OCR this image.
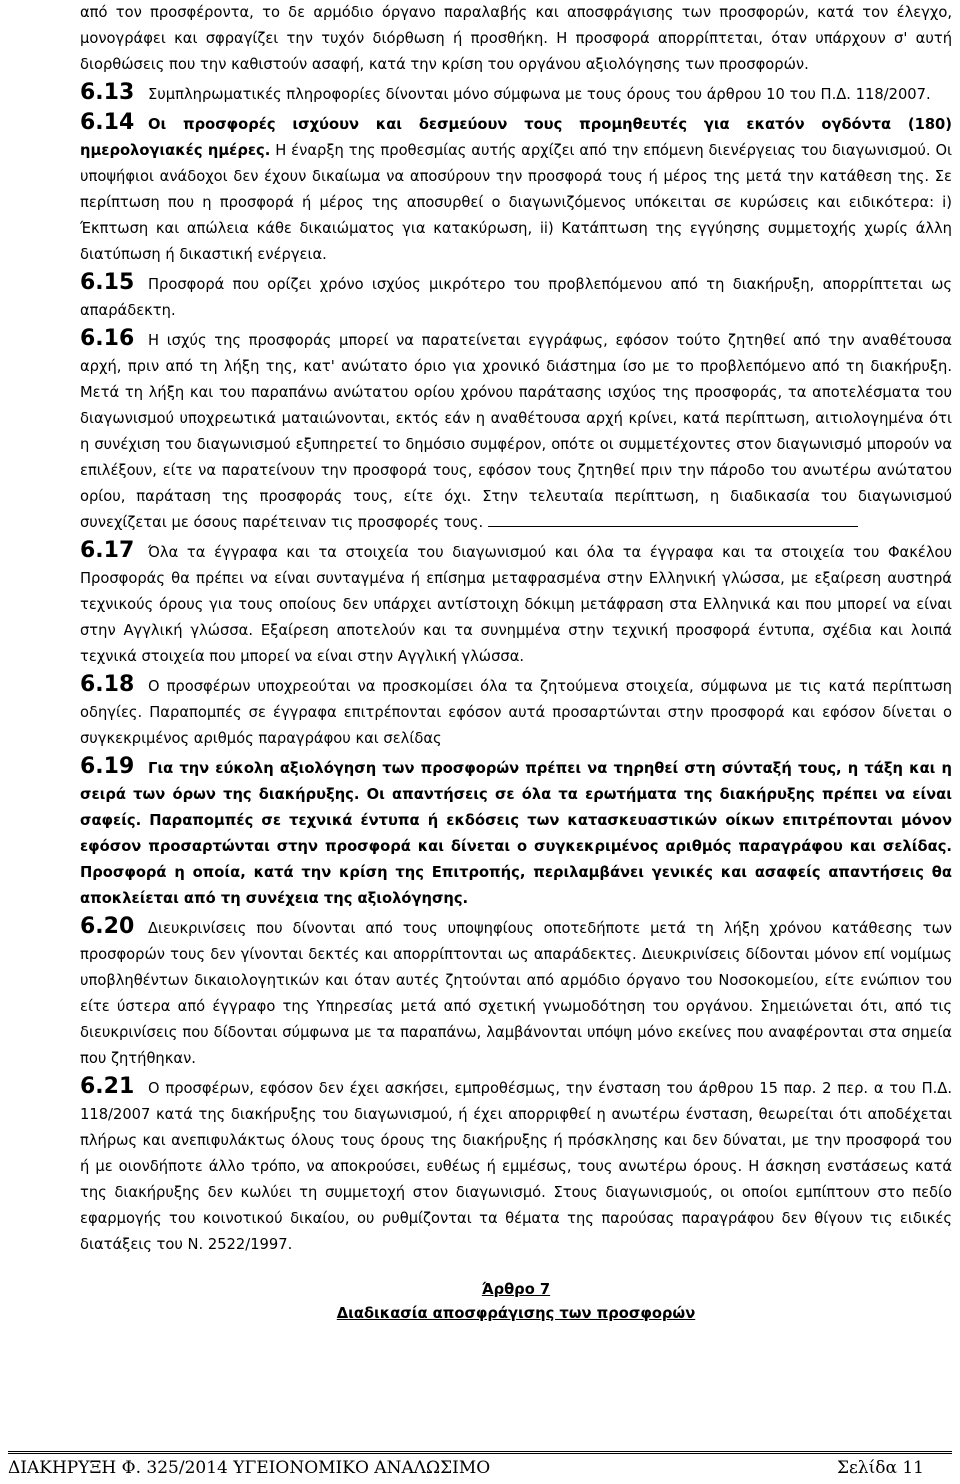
από τον προσφέροντα, το δε αρμόδιο όργανο παραλαβής και αποσφράγισης των προσφορών, κατά τον έλεγχο, μονογράφει και σφραγίζει την τυχόν διόρθωση ή προσθήκη. Η προσφορά απορρίπτεται, όταν υπάρχουν σ' αυτή διορθώσεις που την καθιστούν ασαφή, κατά την κρίση του οργάνου αξιολόγησης των προσφορών.

6.13 Συμπληρωματικές πληροφορίες δίνονται μόνο σύμφωνα με τους όρους του άρθρου 10 του Π.Δ. 118/2007.

6.14 Οι προσφορές ισχύουν και δεσμεύουν τους προμηθευτές για εκατόν ογδόντα (180) ημερολογιακές ημέρες. Η έναρξη της προθεσμίας αυτής αρχίζει από την επόμενη διενέργειας του διαγωνισμού. Οι υποψήφιοι ανάδοχοι δεν έχουν δικαίωμα να αποσύρουν την προσφορά τους ή μέρος της μετά την κατάθεση της. Σε περίπτωση που η προσφορά ή μέρος της αποσυρθεί ο διαγωνιζόμενος υπόκειται σε κυρώσεις και ειδικότερα: i) Έκπτωση και απώλεια κάθε δικαιώματος για κατακύρωση, ii) Κατάπτωση της εγγύησης συμμετοχής χωρίς άλλη διατύπωση ή δικαστική ενέργεια.

6.15 Προσφορά που ορίζει χρόνο ισχύος μικρότερο του προβλεπόμενου από τη διακήρυξη, απορρίπτεται ως απαράδεκτη.

6.16 Η ισχύς της προσφοράς μπορεί να παρατείνεται εγγράφως, εφόσον τούτο ζητηθεί από την αναθέτουσα αρχή, πριν από τη λήξη της, κατ' ανώτατο όριο για χρονικό διάστημα ίσο με το προβλεπόμενο από τη διακήρυξη. Μετά τη λήξη και του παραπάνω ανώτατου ορίου χρόνου παράτασης ισχύος της προσφοράς, τα αποτελέσματα του διαγωνισμού υποχρεωτικά ματαιώνονται, εκτός εάν η αναθέτουσα αρχή κρίνει, κατά περίπτωση, αιτιολογημένα ότι η συνέχιση του διαγωνισμού εξυπηρετεί το δημόσιο συμφέρον, οπότε οι συμμετέχοντες στον διαγωνισμό μπορούν να επιλέξουν, είτε να παρατείνουν την προσφορά τους, εφόσον τους ζητηθεί πριν την πάροδο του ανωτέρω ανώτατου ορίου, παράταση της προσφοράς τους, είτε όχι. Στην τελευταία περίπτωση, η διαδικασία του διαγωνισμού συνεχίζεται με όσους παρέτειναν τις προσφορές τους.

6.17 Όλα τα έγγραφα και τα στοιχεία του διαγωνισμού και όλα τα έγγραφα και τα στοιχεία του Φακέλου Προσφοράς θα πρέπει να είναι συνταγμένα ή επίσημα μεταφρασμένα στην Ελληνική γλώσσα, με εξαίρεση αυστηρά τεχνικούς όρους για τους οποίους δεν υπάρχει αντίστοιχη δόκιμη μετάφραση στα Ελληνικά και που μπορεί να είναι στην Αγγλική γλώσσα. Εξαίρεση αποτελούν και τα συνημμένα στην τεχνική προσφορά έντυπα, σχέδια και λοιπά τεχνικά στοιχεία που μπορεί να είναι στην Αγγλική γλώσσα.

6.18 Ο προσφέρων υποχρεούται να προσκομίσει όλα τα ζητούμενα στοιχεία, σύμφωνα με τις κατά περίπτωση οδηγίες. Παραπομπές σε έγγραφα επιτρέπονται εφόσον αυτά προσαρτώνται στην προσφορά και εφόσον δίνεται ο συγκεκριμένος αριθμός παραγράφου και σελίδας

6.19 Για την εύκολη αξιολόγηση των προσφορών πρέπει να τηρηθεί στη σύνταξή τους, η τάξη και η σειρά των όρων της διακήρυξης. Οι απαντήσεις σε όλα τα ερωτήματα της διακήρυξης πρέπει να είναι σαφείς. Παραπομπές σε τεχνικά έντυπα ή εκδόσεις των κατασκευαστικών οίκων επιτρέπονται μόνον εφόσον προσαρτώνται στην προσφορά και δίνεται ο συγκεκριμένος αριθμός παραγράφου και σελίδας. Προσφορά η οποία, κατά την κρίση της Επιτροπής, περιλαμβάνει γενικές και ασαφείς απαντήσεις θα αποκλείεται από τη συνέχεια της αξιολόγησης.

6.20 Διευκρινίσεις που δίνονται από τους υποψηφίους οποτεδήποτε μετά τη λήξη χρόνου κατάθεσης των προσφορών τους δεν γίνονται δεκτές και απορρίπτονται ως απαράδεκτες. Διευκρινίσεις δίδονται μόνον επί νομίμως υποβληθέντων δικαιολογητικών και όταν αυτές ζητούνται από αρμόδιο όργανο του Νοσοκομείου, είτε ενώπιον του είτε ύστερα από έγγραφο της Υπηρεσίας μετά από σχετική γνωμοδότηση του οργάνου. Σημειώνεται ότι, από τις διευκρινίσεις που δίδονται σύμφωνα με τα παραπάνω, λαμβάνονται υπόψη μόνο εκείνες που αναφέρονται στα σημεία που ζητήθηκαν.

6.21 Ο προσφέρων, εφόσον δεν έχει ασκήσει, εμπροθέσμως, την ένσταση του άρθρου 15 παρ. 2 περ. α του Π.Δ. 118/2007 κατά της διακήρυξης του διαγωνισμού, ή έχει απορριφθεί η ανωτέρω ένσταση, θεωρείται ότι αποδέχεται πλήρως και ανεπιφυλάκτως όλους τους όρους της διακήρυξης ή πρόσκλησης και δεν δύναται, με την προσφορά του ή με οιονδήποτε άλλο τρόπο, να αποκρούσει, ευθέως ή εμμέσως, τους ανωτέρω όρους. Η άσκηση ενστάσεως κατά της διακήρυξης δεν κωλύει τη συμμετοχή στον διαγωνισμό. Στους διαγωνισμούς, οι οποίοι εμπίπτουν στο πεδίο εφαρμογής του κοινοτικού δικαίου, ου ρυθμίζονται τα θέματα της παρούσας παραγράφου δεν θίγουν τις ειδικές διατάξεις του Ν. 2522/1997.

Άρθρο 7
Διαδικασία αποσφράγισης των προσφορών
ΔΙΑΚΗΡΥΞΗ Φ. 325/2014 ΥΓΕΙΟΝΟΜΙΚΟ ΑΝΑΛΩΣΙΜΟ	Σελίδα 11
